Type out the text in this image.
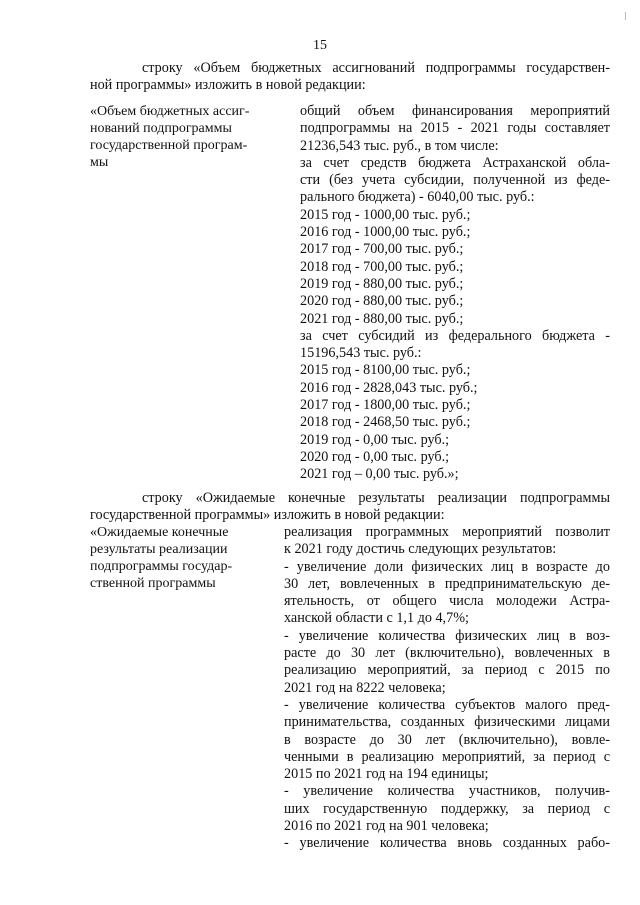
15
строку «Объем бюджетных ассигнований подпрограммы государствен-
ной программы» изложить в новой редакции:
«Объем бюджетных ассиг-
нований подпрограммы
государственной програм-
мы
общий объем финансирования мероприятий
подпрограммы на 2015 - 2021 годы составляет
21236,543 тыс. руб., в том числе:
за счет средств бюджета Астраханской обла-
сти (без учета субсидии, полученной из феде-
рального бюджета) - 6040,00 тыс. руб.:
2015 год - 1000,00 тыс. руб.;
2016 год - 1000,00 тыс. руб.;
2017 год - 700,00 тыс. руб.;
2018 год - 700,00 тыс. руб.;
2019 год - 880,00 тыс. руб.;
2020 год - 880,00 тыс. руб.;
2021 год - 880,00 тыс. руб.;
за счет субсидий из федерального бюджета -
15196,543 тыс. руб.:
2015 год - 8100,00 тыс. руб.;
2016 год - 2828,043 тыс. руб.;
2017 год - 1800,00 тыс. руб.;
2018 год - 2468,50 тыс. руб.;
2019 год - 0,00 тыс. руб.;
2020 год - 0,00 тыс. руб.;
2021 год – 0,00 тыс. руб.»;
строку «Ожидаемые конечные результаты реализации подпрограммы
государственной программы» изложить в новой редакции:
«Ожидаемые конечные
результаты реализации
подпрограммы государ-
ственной программы
реализация программных мероприятий позволит
к 2021 году достичь следующих результатов:
- увеличение доли физических лиц в возрасте до
30 лет, вовлеченных в предпринимательскую де-
ятельность, от общего числа молодежи Астра-
ханской области с 1,1 до 4,7%;
- увеличение количества физических лиц в воз-
расте до 30 лет (включительно), вовлеченных в
реализацию мероприятий, за период с 2015 по
2021 год на 8222 человека;
- увеличение количества субъектов малого пред-
принимательства, созданных физическими лицами
в возрасте до 30 лет (включительно), вовле-
ченными в реализацию мероприятий, за период с
2015 по 2021 год на 194 единицы;
- увеличение количества участников, получив-
ших государственную поддержку, за период с
2016 по 2021 год на 901 человека;
- увеличение количества вновь созданных рабо-
